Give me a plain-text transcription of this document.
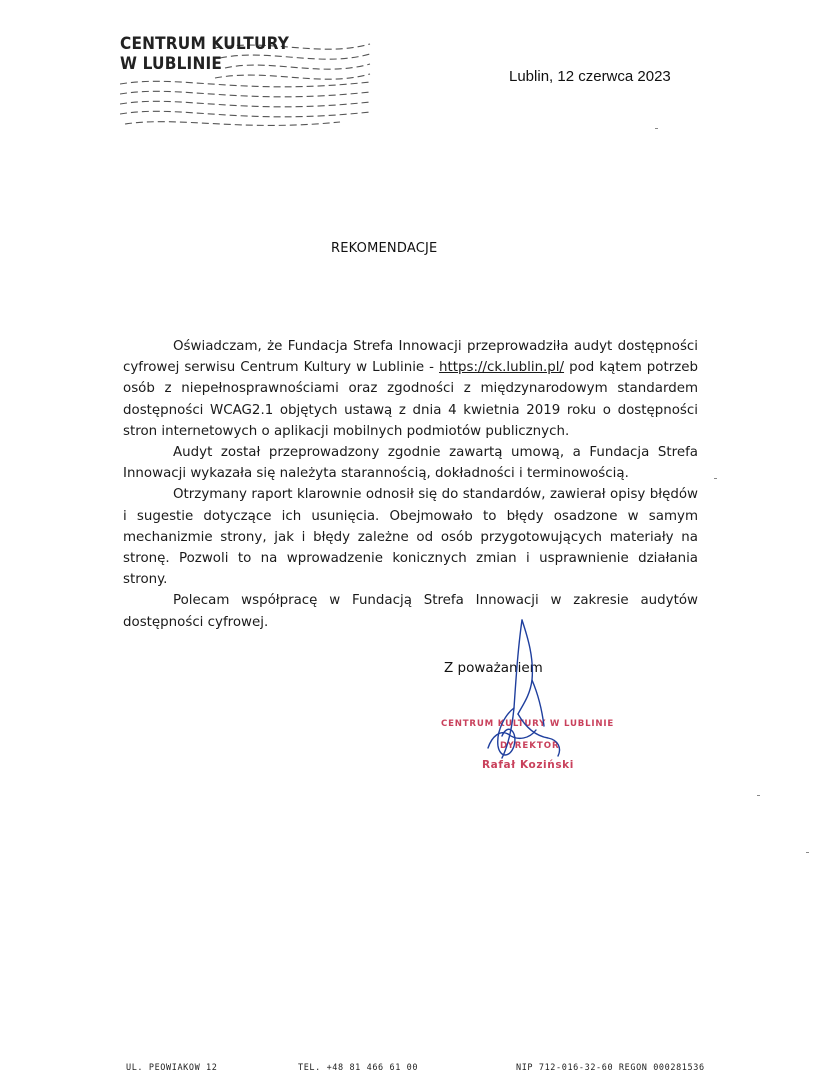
CENTRUM KULTURY
W LUBLINIE
Lublin, 12 czerwca 2023
REKOMENDACJE

Oświadczam, że Fundacja Strefa Innowacji przeprowadziła audyt dostępności cyfrowej serwisu Centrum Kultury w Lublinie - https://ck.lublin.pl/ pod kątem potrzeb osób z niepełnosprawnościami oraz zgodności z międzynarodowym standardem dostępności WCAG2.1 objętych ustawą z dnia 4 kwietnia 2019 roku o dostępności stron internetowych o aplikacji mobilnych podmiotów publicznych.

Audyt został przeprowadzony zgodnie zawartą umową, a Fundacja Strefa Innowacji wykazała się należyta starannością, dokładności i terminowością.

Otrzymany raport klarownie odnosił się do standardów, zawierał opisy błędów i sugestie dotyczące ich usunięcia. Obejmowało to błędy osadzone w samym mechanizmie strony, jak i błędy zależne od osób przygotowujących materiały na stronę. Pozwoli to na wprowadzenie konicznych zmian i usprawnienie działania strony.

Polecam współpracę w Fundacją Strefa Innowacji w zakresie audytów dostępności cyfrowej.

Z poważaniem
CENTRUM KULTURY W LUBLINIE
DYREKTOR
Rafał Koziński
UL. PEOWIAKÓW 12	TEL. +48 81 466 61 00	NIP 712-016-32-60 REGON 000281536
